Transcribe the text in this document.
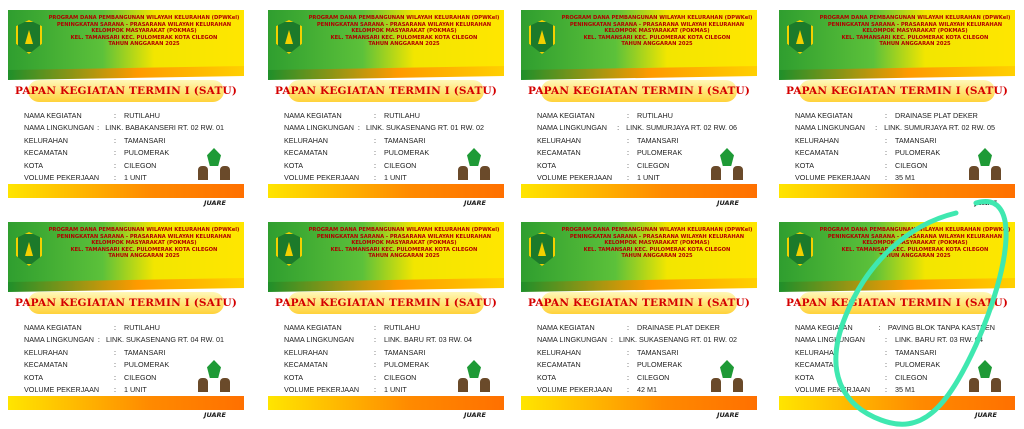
PROGRAM DANA PEMBANGUNAN WILAYAH KELURAHAN (DPWKel)
PENINGKATAN SARANA - PRASARANA WILAYAH KELURAHAN
KELOMPOK MASYARAKAT (POKMAS)
KEL. TAMANSARI KEC. PULOMERAK KOTA CILEGON
TAHUN ANGGARAN 2025
PAPAN KEGIATAN TERMIN I (SATU)
NAMA KEGIATAN	:	RUTILAHU
NAMA LINGKUNGAN : LINK. BABAKANSERI RT. 02 RW. 01
KELURAHAN	:	TAMANSARI
KECAMATAN	:	PULOMERAK
KOTA	:	CILEGON
VOLUME PEKERJAAN	:	1 UNIT
JUARE
PROGRAM DANA PEMBANGUNAN WILAYAH KELURAHAN (DPWKel)
PENINGKATAN SARANA - PRASARANA WILAYAH KELURAHAN
KELOMPOK MASYARAKAT (POKMAS)
KEL. TAMANSARI KEC. PULOMERAK KOTA CILEGON
TAHUN ANGGARAN 2025
PAPAN KEGIATAN TERMIN I (SATU)
NAMA KEGIATAN	:	RUTILAHU
NAMA LINGKUNGAN : LINK. SUKASENANG RT. 01 RW. 02
KELURAHAN	:	TAMANSARI
KECAMATAN	:	PULOMERAK
KOTA	:	CILEGON
VOLUME PEKERJAAN	:	1 UNIT
JUARE
PROGRAM DANA PEMBANGUNAN WILAYAH KELURAHAN (DPWKel)
PENINGKATAN SARANA - PRASARANA WILAYAH KELURAHAN
KELOMPOK MASYARAKAT (POKMAS)
KEL. TAMANSARI KEC. PULOMERAK KOTA CILEGON
TAHUN ANGGARAN 2025
PAPAN KEGIATAN TERMIN I (SATU)
NAMA KEGIATAN	:	RUTILAHU
NAMA LINGKUNGAN	: LINK. SUMURJAYA RT. 02 RW. 06
KELURAHAN	:	TAMANSARI
KECAMATAN	:	PULOMERAK
KOTA	:	CILEGON
VOLUME PEKERJAAN	:	1 UNIT
JUARE
PROGRAM DANA PEMBANGUNAN WILAYAH KELURAHAN (DPWKel)
PENINGKATAN SARANA - PRASARANA WILAYAH KELURAHAN
KELOMPOK MASYARAKAT (POKMAS)
KEL. TAMANSARI KEC. PULOMERAK KOTA CILEGON
TAHUN ANGGARAN 2025
PAPAN KEGIATAN TERMIN I (SATU)
NAMA KEGIATAN	:	DRAINASE PLAT DEKER
NAMA LINGKUNGAN	: LINK. SUMURJAYA RT. 02 RW. 05
KELURAHAN	:	TAMANSARI
KECAMATAN	:	PULOMERAK
KOTA	:	CILEGON
VOLUME PEKERJAAN	:	35 M1
JUARE
PROGRAM DANA PEMBANGUNAN WILAYAH KELURAHAN (DPWKel)
PENINGKATAN SARANA - PRASARANA WILAYAH KELURAHAN
KELOMPOK MASYARAKAT (POKMAS)
KEL. TAMANSARI KEC. PULOMERAK KOTA CILEGON
TAHUN ANGGARAN 2025
PAPAN KEGIATAN TERMIN I (SATU)
NAMA KEGIATAN	:	RUTILAHU
NAMA LINGKUNGAN : LINK. SUKASENANG RT. 04 RW. 01
KELURAHAN	:	TAMANSARI
KECAMATAN	:	PULOMERAK
KOTA	:	CILEGON
VOLUME PEKERJAAN	:	1 UNIT
JUARE
PROGRAM DANA PEMBANGUNAN WILAYAH KELURAHAN (DPWKel)
PENINGKATAN SARANA - PRASARANA WILAYAH KELURAHAN
KELOMPOK MASYARAKAT (POKMAS)
KEL. TAMANSARI KEC. PULOMERAK KOTA CILEGON
TAHUN ANGGARAN 2025
PAPAN KEGIATAN TERMIN I (SATU)
NAMA KEGIATAN	:	RUTILAHU
NAMA LINGKUNGAN	:	LINK. BARU RT. 03 RW. 04
KELURAHAN	:	TAMANSARI
KECAMATAN	:	PULOMERAK
KOTA	:	CILEGON
VOLUME PEKERJAAN	:	1 UNIT
JUARE
PROGRAM DANA PEMBANGUNAN WILAYAH KELURAHAN (DPWKel)
PENINGKATAN SARANA - PRASARANA WILAYAH KELURAHAN
KELOMPOK MASYARAKAT (POKMAS)
KEL. TAMANSARI KEC. PULOMERAK KOTA CILEGON
TAHUN ANGGARAN 2025
PAPAN KEGIATAN TERMIN I (SATU)
NAMA KEGIATAN	:	DRAINASE PLAT DEKER
NAMA LINGKUNGAN : LINK. SUKASENANG RT. 01 RW. 02
KELURAHAN	:	TAMANSARI
KECAMATAN	:	PULOMERAK
KOTA	:	CILEGON
VOLUME PEKERJAAN	:	42 M1
JUARE
PROGRAM DANA PEMBANGUNAN WILAYAH KELURAHAN (DPWKel)
PENINGKATAN SARANA - PRASARANA WILAYAH KELURAHAN
KELOMPOK MASYARAKAT (POKMAS)
KEL. TAMANSARI KEC. PULOMERAK KOTA CILEGON
TAHUN ANGGARAN 2025
PAPAN KEGIATAN TERMIN I (SATU)
NAMA KEGIATAN	:	PAVING BLOK TANPA KASTEEN
NAMA LINGKUNGAN	:	LINK. BARU RT. 03 RW. 04
KELURAHAN	:	TAMANSARI
KECAMATAN	:	PULOMERAK
KOTA	:	CILEGON
VOLUME PEKERJAAN	:	35 M1
JUARE
